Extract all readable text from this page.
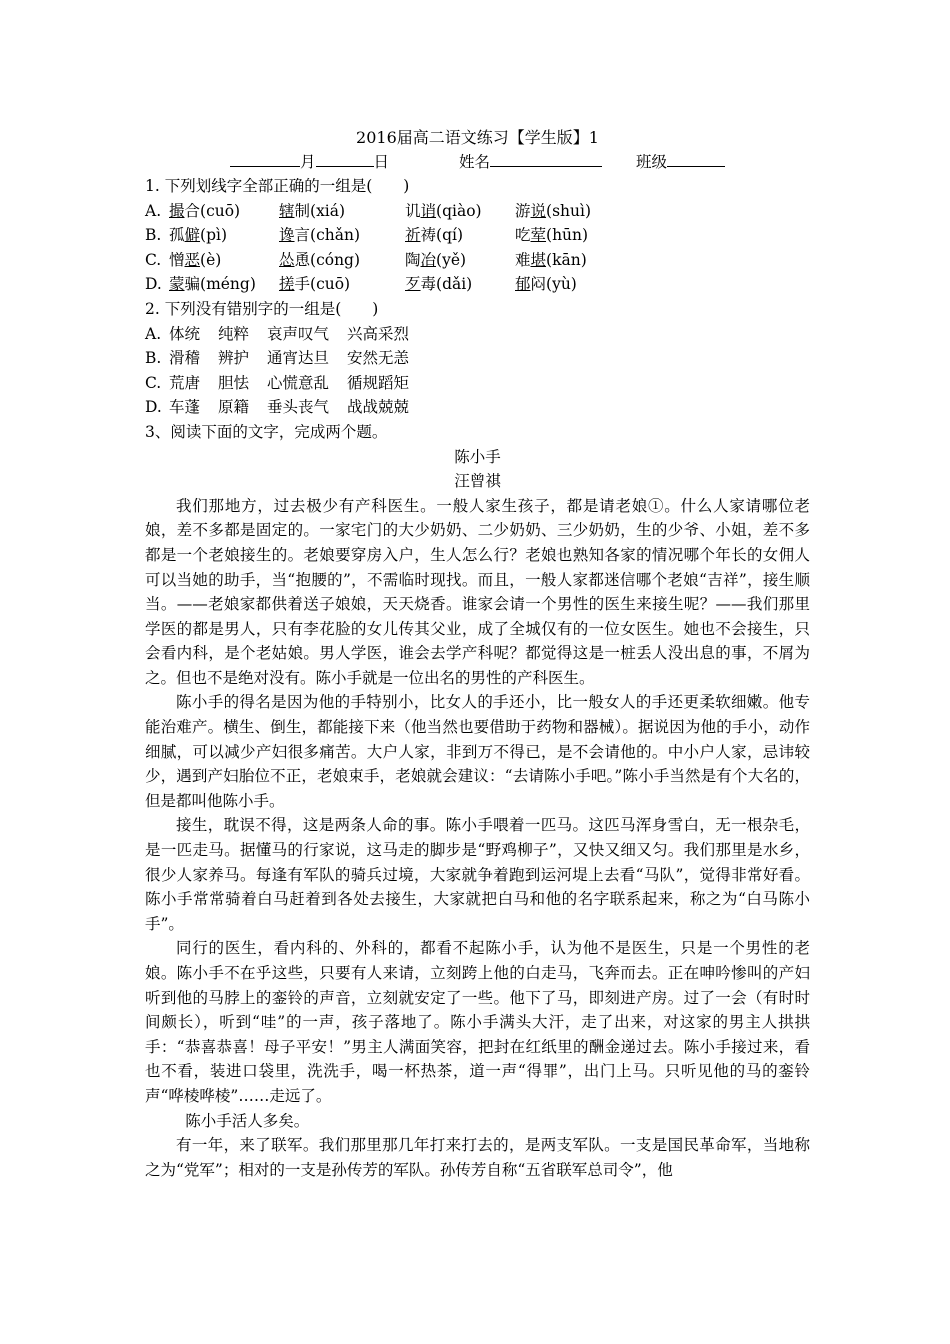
2016届高二语文练习【学生版】1
月	日	姓名	班级
1. 下列划线字全部正确的一组是(　　)
A. 撮合(cuō)	辖制(xiá)	讥诮(qiào)	游说(shuì)
B. 孤僻(pì)	谗言(chǎn)	祈祷(qí)	吃荤(hūn)
C. 憎恶(è)	怂恿(cóng)	陶冶(yě)	难堪(kān)
D. 蒙骗(méng)	搓手(cuō)	歹毒(dǎi)	郁闷(yù)
2. 下列没有错别字的一组是(　　)
A. 体统 纯粹 哀声叹气 兴高采烈
B. 滑稽 辨护 通宵达旦 安然无恙
C. 荒唐 胆怯 心慌意乱 循规蹈矩
D. 车蓬 原籍 垂头丧气 战战兢兢
3、阅读下面的文字，完成两个题。
陈小手
汪曾祺

我们那地方，过去极少有产科医生。一般人家生孩子，都是请老娘①。什么人家请哪位老娘，差不多都是固定的。一家宅门的大少奶奶、二少奶奶、三少奶奶，生的少爷、小姐，差不多都是一个老娘接生的。老娘要穿房入户，生人怎么行？老娘也熟知各家的情况哪个年长的女佣人可以当她的助手，当“抱腰的”，不需临时现找。而且，一般人家都迷信哪个老娘“吉祥”，接生顺当。——老娘家都供着送子娘娘，天天烧香。谁家会请一个男性的医生来接生呢？——我们那里学医的都是男人，只有李花脸的女儿传其父业，成了全城仅有的一位女医生。她也不会接生，只会看内科，是个老姑娘。男人学医，谁会去学产科呢？都觉得这是一桩丢人没出息的事，不屑为之。但也不是绝对没有。陈小手就是一位出名的男性的产科医生。

陈小手的得名是因为他的手特别小，比女人的手还小，比一般女人的手还更柔软细嫩。他专能治难产。横生、倒生，都能接下来（他当然也要借助于药物和器械）。据说因为他的手小，动作细腻，可以减少产妇很多痛苦。大户人家，非到万不得已，是不会请他的。中小户人家，忌讳较少，遇到产妇胎位不正，老娘束手，老娘就会建议：“去请陈小手吧。”陈小手当然是有个大名的，但是都叫他陈小手。

接生，耽误不得，这是两条人命的事。陈小手喂着一匹马。这匹马浑身雪白，无一根杂毛，是一匹走马。据懂马的行家说，这马走的脚步是“野鸡柳子”，又快又细又匀。我们那里是水乡，很少人家养马。每逢有军队的骑兵过境，大家就争着跑到运河堤上去看“马队”，觉得非常好看。陈小手常常骑着白马赶着到各处去接生，大家就把白马和他的名字联系起来，称之为“白马陈小手”。

同行的医生，看内科的、外科的，都看不起陈小手，认为他不是医生，只是一个男性的老娘。陈小手不在乎这些，只要有人来请，立刻跨上他的白走马，飞奔而去。正在呻吟惨叫的产妇听到他的马脖上的銮铃的声音，立刻就安定了一些。他下了马，即刻进产房。过了一会（有时时间颇长），听到“哇”的一声，孩子落地了。陈小手满头大汗，走了出来，对这家的男主人拱拱手：“恭喜恭喜！母子平安！”男主人满面笑容，把封在红纸里的酬金递过去。陈小手接过来，看也不看，装进口袋里，洗洗手，喝一杯热茶，道一声“得罪”，出门上马。只听见他的马的銮铃声“哗棱哗棱”……走远了。

陈小手活人多矣。

有一年，来了联军。我们那里那几年打来打去的，是两支军队。一支是国民革命军，当地称之为“党军”；相对的一支是孙传芳的军队。孙传芳自称“五省联军总司令”，他
